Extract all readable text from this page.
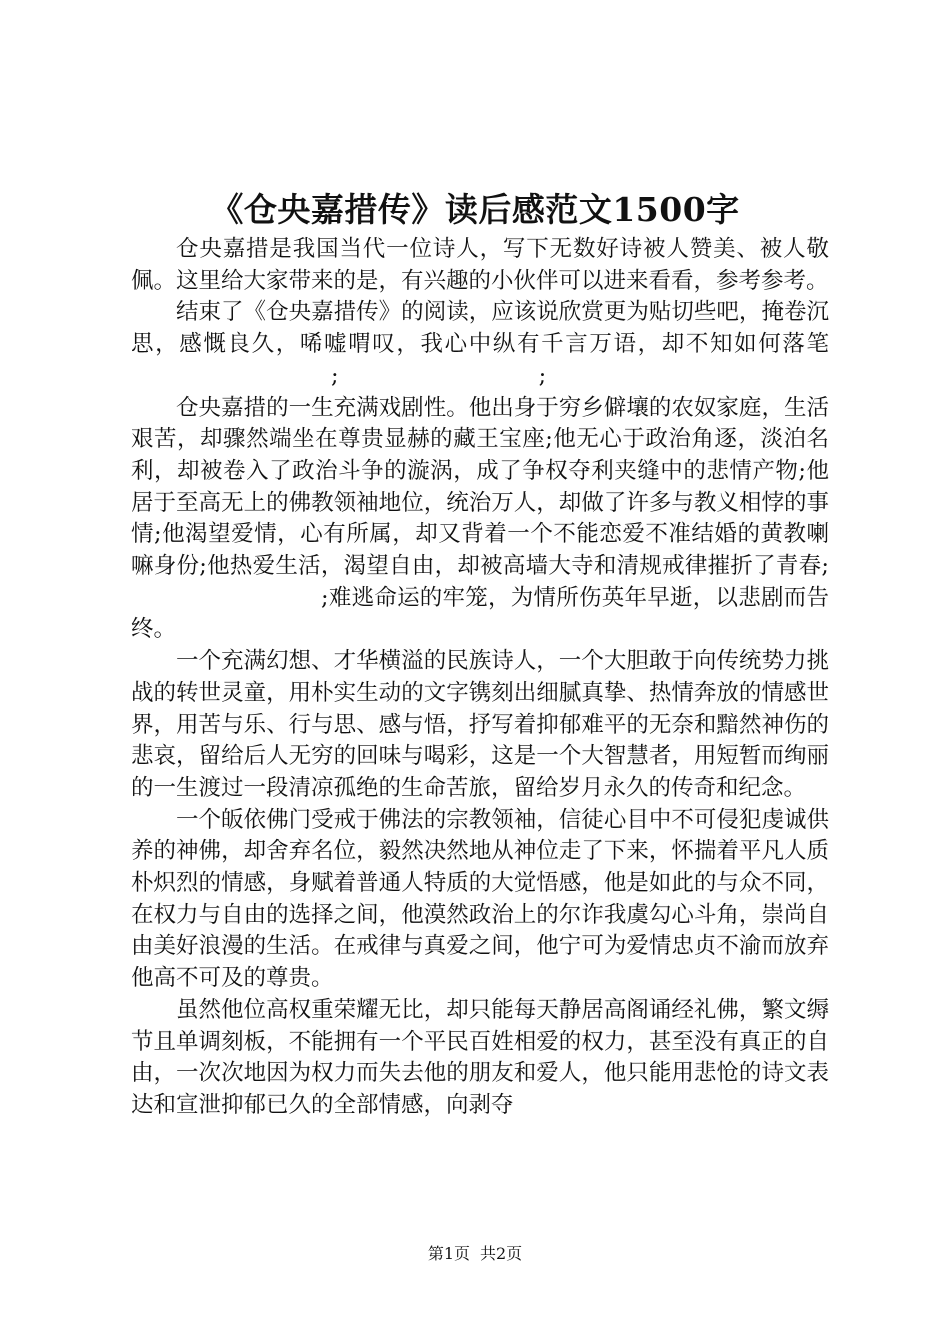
《仓央嘉措传》读后感范文1500字

仓央嘉措是我国当代一位诗人，写下无数好诗被人赞美、被人敬佩。这里给大家带来的是，有兴趣的小伙伴可以进来看看，参考参考。

结束了《仓央嘉措传》的阅读，应该说欣赏更为贴切些吧，掩卷沉思，感慨良久，唏嘘喟叹，我心中纵有千言万语，却不知如何落笔;	;

仓央嘉措的一生充满戏剧性。他出身于穷乡僻壤的农奴家庭，生活艰苦，却骤然端坐在尊贵显赫的藏王宝座;他无心于政治角逐，淡泊名利，却被卷入了政治斗争的漩涡，成了争权夺利夹缝中的悲情产物;他居于至高无上的佛教领袖地位，统治万人，却做了许多与教义相悖的事情;他渴望爱情，心有所属，却又背着一个不能恋爱不准结婚的黄教喇嘛身份;他热爱生活，渴望自由，却被高墙大寺和清规戒律摧折了青春;;难逃命运的牢笼，为情所伤英年早逝，以悲剧而告终。

一个充满幻想、才华横溢的民族诗人，一个大胆敢于向传统势力挑战的转世灵童，用朴实生动的文字镌刻出细腻真挚、热情奔放的情感世界，用苦与乐、行与思、感与悟，抒写着抑郁难平的无奈和黯然神伤的悲哀，留给后人无穷的回味与喝彩，这是一个大智慧者，用短暂而绚丽的一生渡过一段清凉孤绝的生命苦旅，留给岁月永久的传奇和纪念。

一个皈依佛门受戒于佛法的宗教领袖，信徒心目中不可侵犯虔诚供养的神佛，却舍弃名位，毅然决然地从神位走了下来，怀揣着平凡人质朴炽烈的情感，身赋着普通人特质的大觉悟感，他是如此的与众不同，在权力与自由的选择之间，他漠然政治上的尔诈我虞勾心斗角，崇尚自由美好浪漫的生活。在戒律与真爱之间，他宁可为爱情忠贞不渝而放弃他高不可及的尊贵。

虽然他位高权重荣耀无比，却只能每天静居高阁诵经礼佛，繁文缛节且单调刻板，不能拥有一个平民百姓相爱的权力，甚至没有真正的自由，一次次地因为权力而失去他的朋友和爱人，他只能用悲怆的诗文表达和宣泄抑郁已久的全部情感，向剥夺

第1页 共2页
